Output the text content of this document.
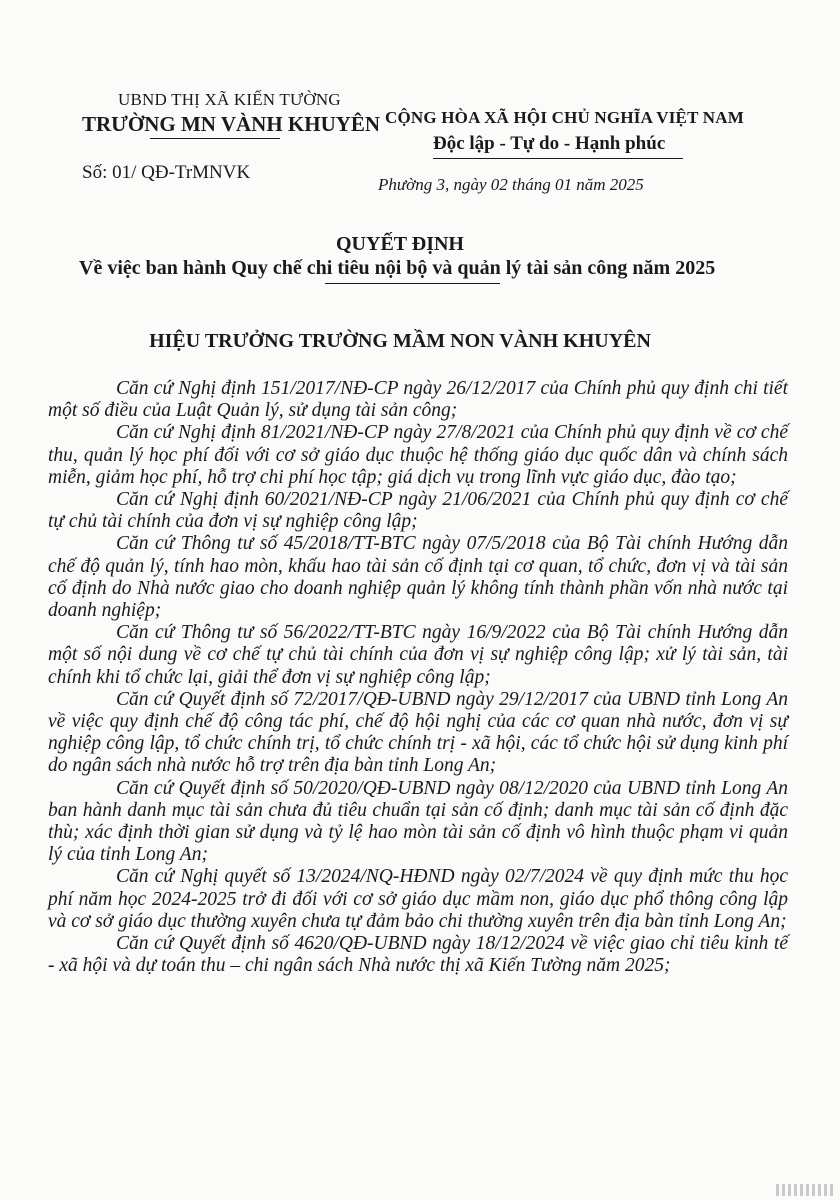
UBND THỊ XÃ KIẾN TƯỜNG
TRƯỜNG MN VÀNH KHUYÊN
Số: 01/ QĐ-TrMNVK
CỘNG HÒA XÃ HỘI CHỦ NGHĨA VIỆT NAM
Độc lập - Tự do - Hạnh phúc
Phường 3, ngày 02 tháng 01 năm 2025
QUYẾT ĐỊNH
Về việc ban hành Quy chế chi tiêu nội bộ và quản lý tài sản công năm 2025
HIỆU TRƯỞNG TRƯỜNG MẦM NON VÀNH KHUYÊN

Căn cứ Nghị định 151/2017/NĐ-CP ngày 26/12/2017 của Chính phủ quy định chi tiết một số điều của Luật Quản lý, sử dụng tài sản công;

Căn cứ Nghị định 81/2021/NĐ-CP ngày 27/8/2021 của Chính phủ quy định về cơ chế thu, quản lý học phí đối với cơ sở giáo dục thuộc hệ thống giáo dục quốc dân và chính sách miễn, giảm học phí, hỗ trợ chi phí học tập; giá dịch vụ trong lĩnh vực giáo dục, đào tạo;

Căn cứ Nghị định 60/2021/NĐ-CP ngày 21/06/2021 của Chính phủ quy định cơ chế tự chủ tài chính của đơn vị sự nghiệp công lập;

Căn cứ Thông tư số 45/2018/TT-BTC ngày 07/5/2018 của Bộ Tài chính Hướng dẫn chế độ quản lý, tính hao mòn, khấu hao tài sản cố định tại cơ quan, tổ chức, đơn vị và tài sản cố định do Nhà nước giao cho doanh nghiệp quản lý không tính thành phần vốn nhà nước tại doanh nghiệp;

Căn cứ Thông tư số 56/2022/TT-BTC ngày 16/9/2022 của Bộ Tài chính Hướng dẫn một số nội dung về cơ chế tự chủ tài chính của đơn vị sự nghiệp công lập; xử lý tài sản, tài chính khi tổ chức lại, giải thể đơn vị sự nghiệp công lập;

Căn cứ Quyết định số 72/2017/QĐ-UBND ngày 29/12/2017 của UBND tỉnh Long An về việc quy định chế độ công tác phí, chế độ hội nghị của các cơ quan nhà nước, đơn vị sự nghiệp công lập, tổ chức chính trị, tổ chức chính trị - xã hội, các tổ chức hội sử dụng kinh phí do ngân sách nhà nước hỗ trợ trên địa bàn tỉnh Long An;

Căn cứ Quyết định số 50/2020/QĐ-UBND ngày 08/12/2020 của UBND tỉnh Long An ban hành danh mục tài sản chưa đủ tiêu chuẩn tại sản cố định; danh mục tài sản cố định đặc thù; xác định thời gian sử dụng và tỷ lệ hao mòn tài sản cố định vô hình thuộc phạm vi quản lý của tỉnh Long An;

Căn cứ Nghị quyết số 13/2024/NQ-HĐND ngày 02/7/2024 về quy định mức thu học phí năm học 2024-2025 trở đi đối với cơ sở giáo dục mầm non, giáo dục phổ thông công lập và cơ sở giáo dục thường xuyên chưa tự đảm bảo chi thường xuyên trên địa bàn tỉnh Long An;

Căn cứ Quyết định số 4620/QĐ-UBND ngày 18/12/2024 về việc giao chỉ tiêu kinh tế - xã hội và dự toán thu – chi ngân sách Nhà nước thị xã Kiến Tường năm 2025;
